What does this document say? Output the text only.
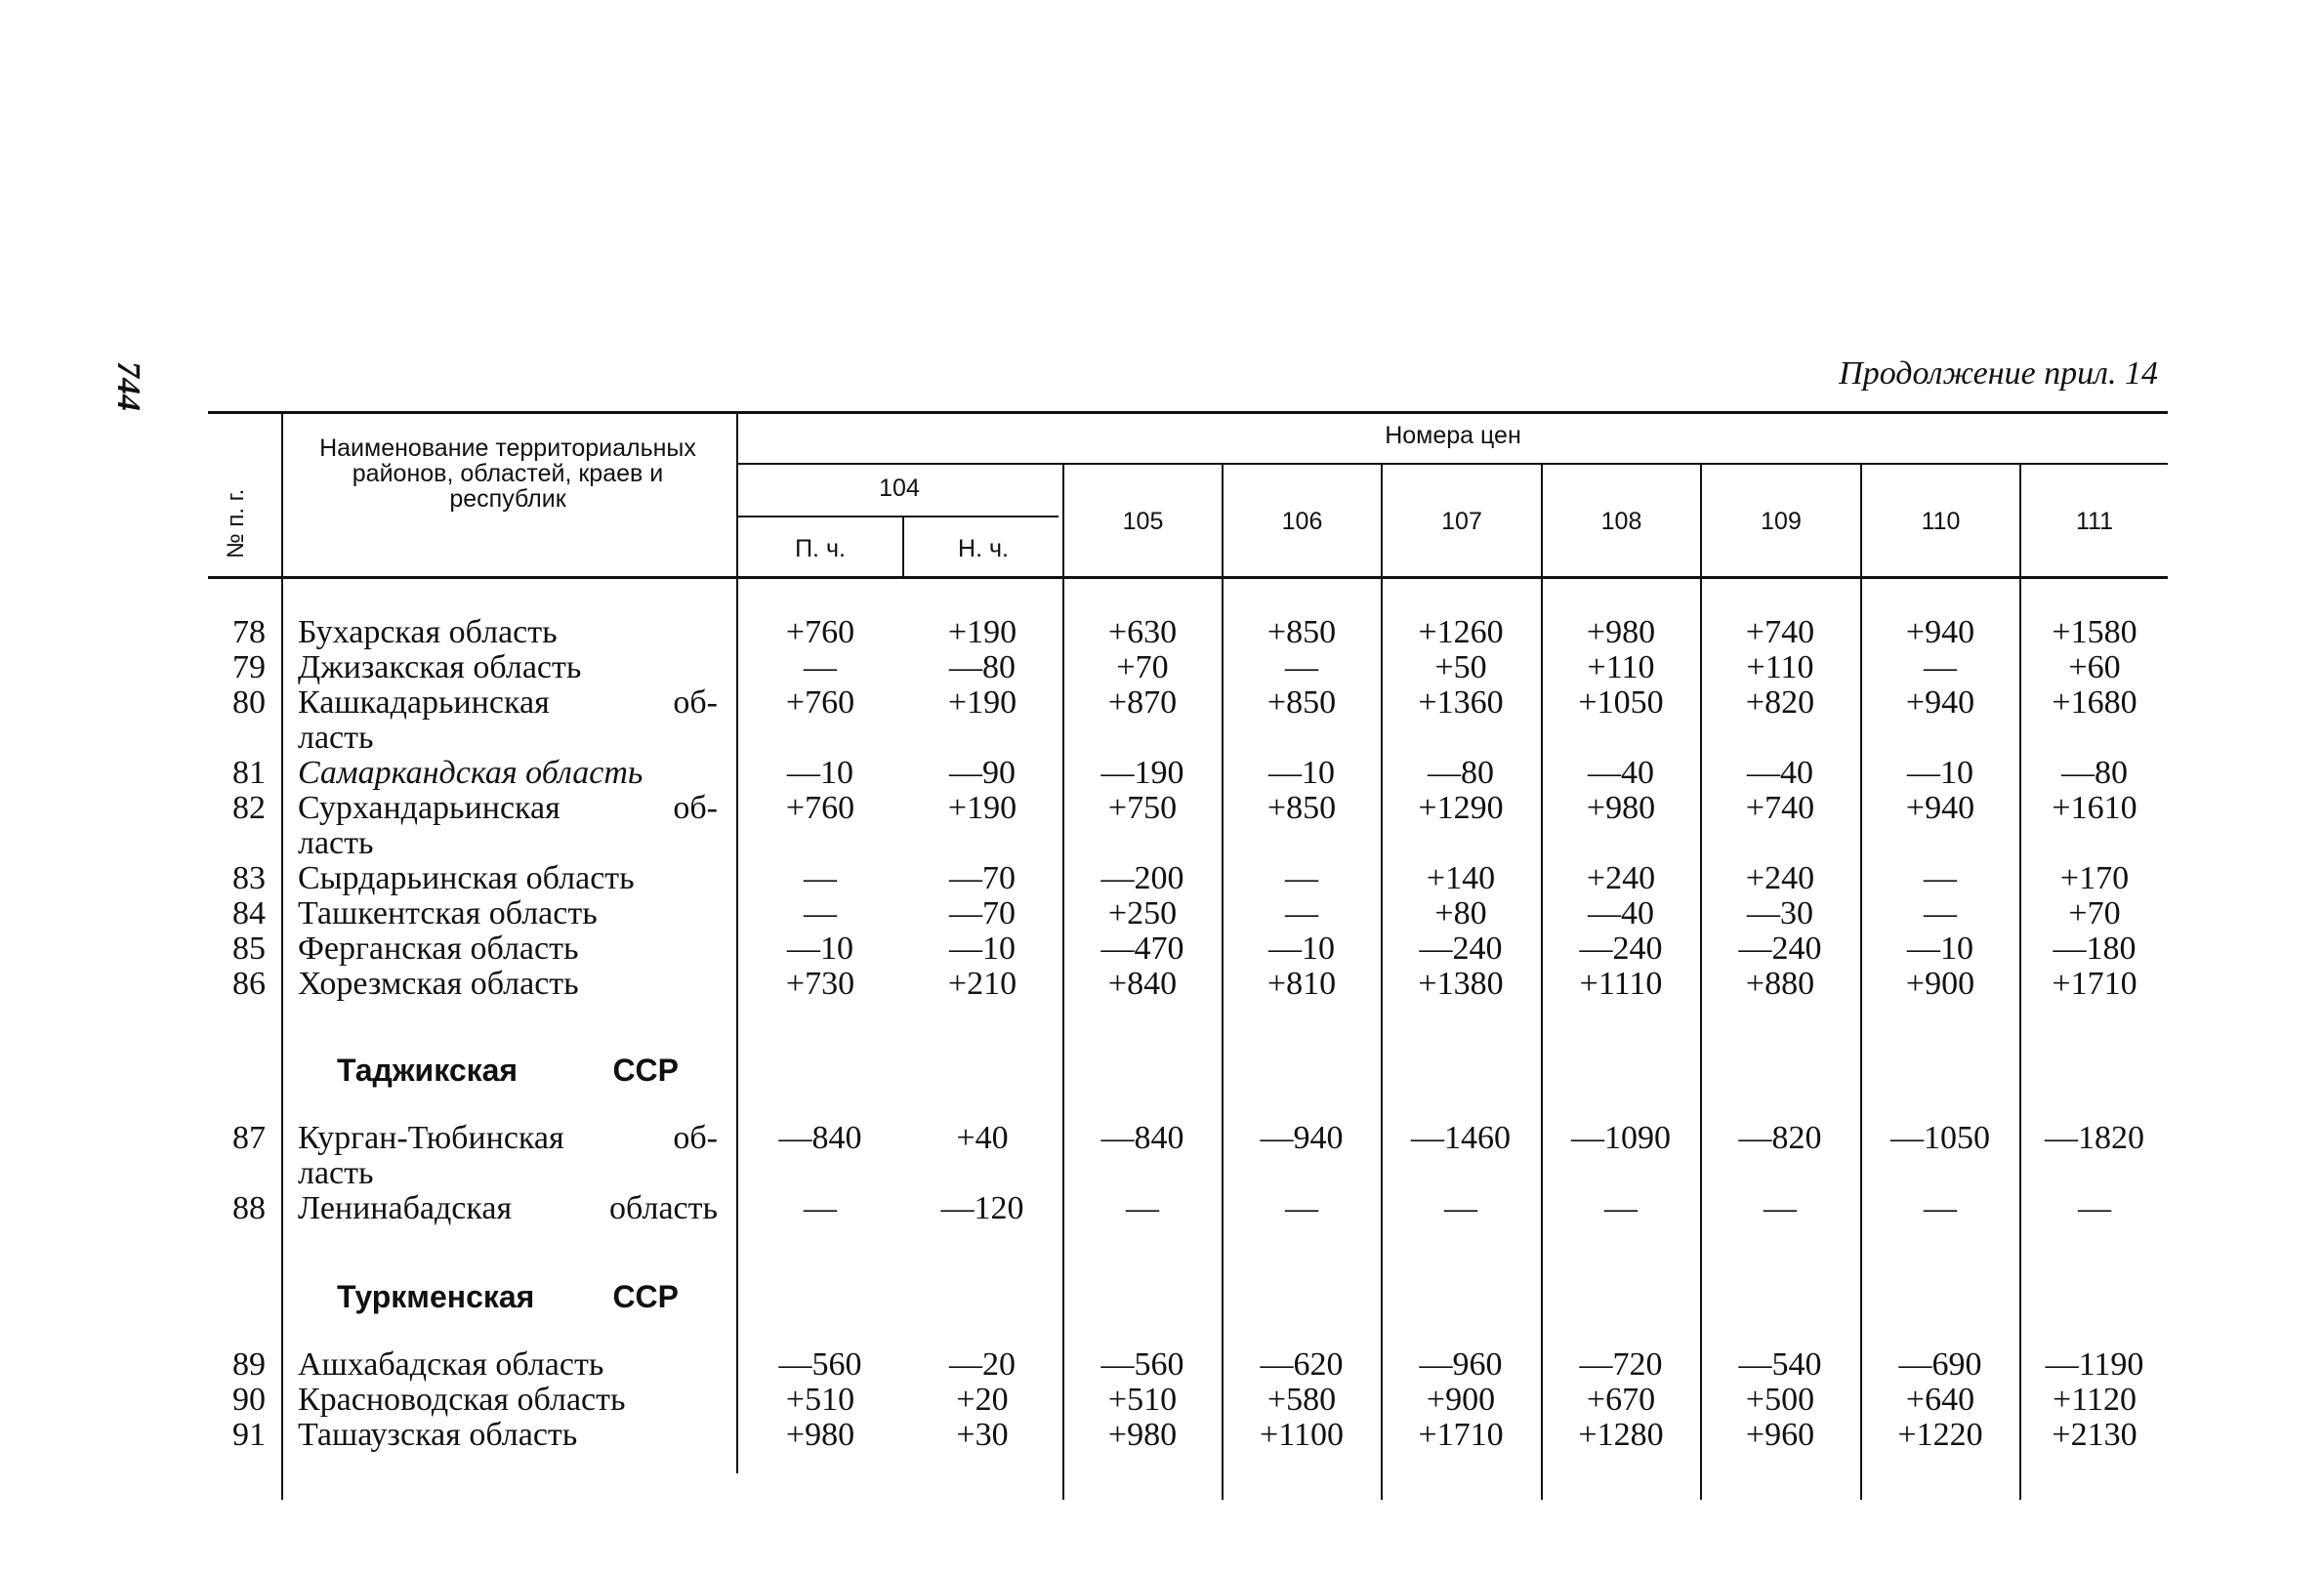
744	Продолжение прил. 14
№ п. г.
Наименование территориальных районов, областей, краев и республик
Номера цен
104
П. ч.	Н. ч.
105	106	107	108	109	110	111
Таджикская ССР
Туркменская ССР
78 Бухарская область	+760	+190	+630	+850	+1260	+980	+740	+940	+1580
79 Джизакская область	—	—80	+70	—	+50	+110	+110	—	+60
80 Кашкадарьинская об-	+760	+190	+870	+850	+1360	+1050	+820	+940	+1680
ласть
81 Самаркандская область	—10	—90	—190	—10	—80	—40	—40	—10	—80
82 Сурхандарьинская об-	+760	+190	+750	+850	+1290	+980	+740	+940	+1610
ласть
83 Сырдарьинская область	—	—70	—200	—	+140	+240	+240	—	+170
84 Ташкентская область	—	—70	+250	—	+80	—40	—30	—	+70
85 Ферганская область	—10	—10	—470	—10	—240	—240	—240	—10	—180
86 Хорезмская область	+730	+210	+840	+810	+1380	+1110	+880	+900	+1710
87 Курган-Тюбинская об-	—840	+40	—840	—940	—1460	—1090	—820	—1050	—1820
ласть
88 Ленинабадская область	—	—120	—	—	—	—	—	—	—
89 Ашхабадская область	—560	—20	—560	—620	—960	—720	—540	—690	—1190
90 Красноводская область	+510	+20	+510	+580	+900	+670	+500	+640	+1120
91 Ташаузская область	+980	+30	+980	+1100	+1710	+1280	+960	+1220	+2130
